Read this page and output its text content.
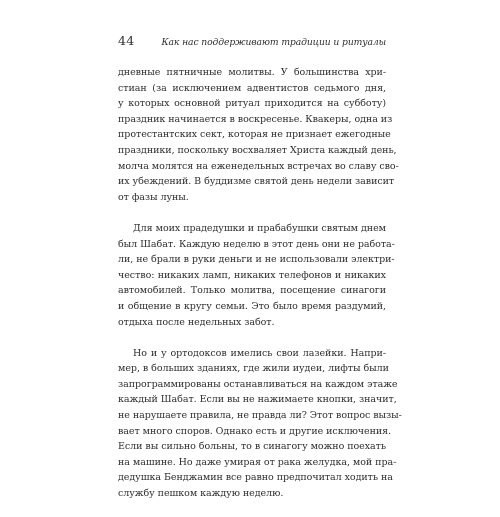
44	Как нас поддерживают традиции и ритуалы

дневные пятничные молитвы. У большинства хри-
стиан (за исключением адвентистов седьмого дня,
у которых основной ритуал приходится на субботу)
праздник начинается в воскресенье. Квакеры, одна из
протестантских сект, которая не признает ежегодные
праздники, поскольку восхваляет Христа каждый день,
молча молятся на еженедельных встречах во славу сво-
их убеждений. В буддизме святой день недели зависит
от фазы луны.

Для моих прадедушки и прабабушки святым днем
был Шабат. Каждую неделю в этот день они не работа-
ли, не брали в руки деньги и не использовали электри-
чество: никаких ламп, никаких телефонов и никаких
автомобилей. Только молитва, посещение синагоги
и общение в кругу семьи. Это было время раздумий,
отдыха после недельных забот.

Но и у ортодоксов имелись свои лазейки. Напри-
мер, в больших зданиях, где жили иудеи, лифты были
запрограммированы останавливаться на каждом этаже
каждый Шабат. Если вы не нажимаете кнопки, значит,
не нарушаете правила, не правда ли? Этот вопрос вызы-
вает много споров. Однако есть и другие исключения.
Если вы сильно больны, то в синагогу можно поехать
на машине. Но даже умирая от рака желудка, мой пра-
дедушка Бенджамин все равно предпочитал ходить на
службу пешком каждую неделю.
